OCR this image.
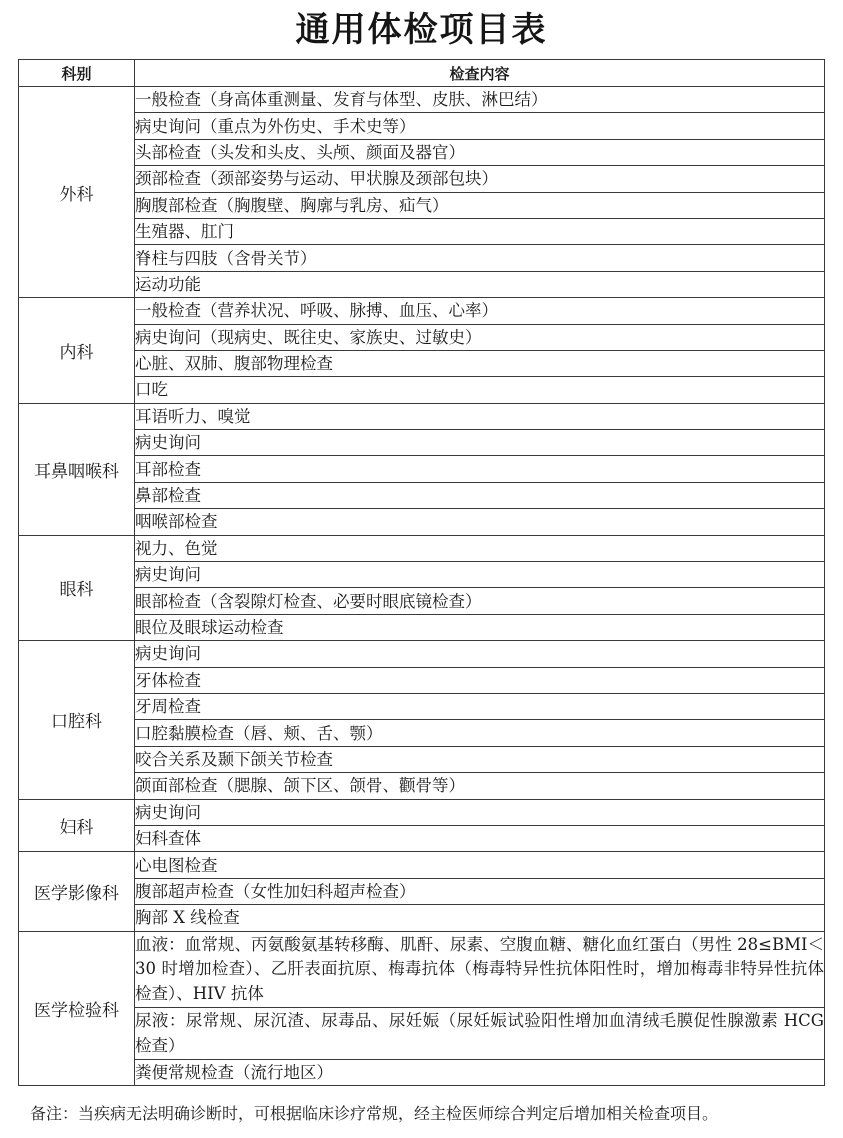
通用体检项目表
科别	检查内容
外科	一般检查（身高体重测量、发育与体型、皮肤、淋巴结）
	病史询问（重点为外伤史、手术史等）
	头部检查（头发和头皮、头颅、颜面及器官）
	颈部检查（颈部姿势与运动、甲状腺及颈部包块）
	胸腹部检查（胸腹壁、胸廓与乳房、疝气）
	生殖器、肛门
	脊柱与四肢（含骨关节）
	运动功能
内科	一般检查（营养状况、呼吸、脉搏、血压、心率）
	病史询问（现病史、既往史、家族史、过敏史）
	心脏、双肺、腹部物理检查
	口吃
耳鼻咽喉科	耳语听力、嗅觉
	病史询问
	耳部检查
	鼻部检查
	咽喉部检查
眼科	视力、色觉
	病史询问
	眼部检查（含裂隙灯检查、必要时眼底镜检查）
	眼位及眼球运动检查
口腔科	病史询问
	牙体检查
	牙周检查
	口腔黏膜检查（唇、颊、舌、颚）
	咬合关系及颞下颌关节检查
	颌面部检查（腮腺、颌下区、颌骨、颧骨等）
妇科	病史询问
	妇科查体
医学影像科	心电图检查
	腹部超声检查（女性加妇科超声检查）
	胸部 X 线检查
医学检验科	血液：血常规、丙氨酸氨基转移酶、肌酐、尿素、空腹血糖、糖化血红蛋白（男性 28≤BMI＜30 时增加检查）、乙肝表面抗原、梅毒抗体（梅毒特异性抗体阳性时，增加梅毒非特异性抗体检查）、HIV 抗体
	尿液：尿常规、尿沉渣、尿毒品、尿妊娠（尿妊娠试验阳性增加血清绒毛膜促性腺激素 HCG 检查）
	粪便常规检查（流行地区）
备注：当疾病无法明确诊断时，可根据临床诊疗常规，经主检医师综合判定后增加相关检查项目。
